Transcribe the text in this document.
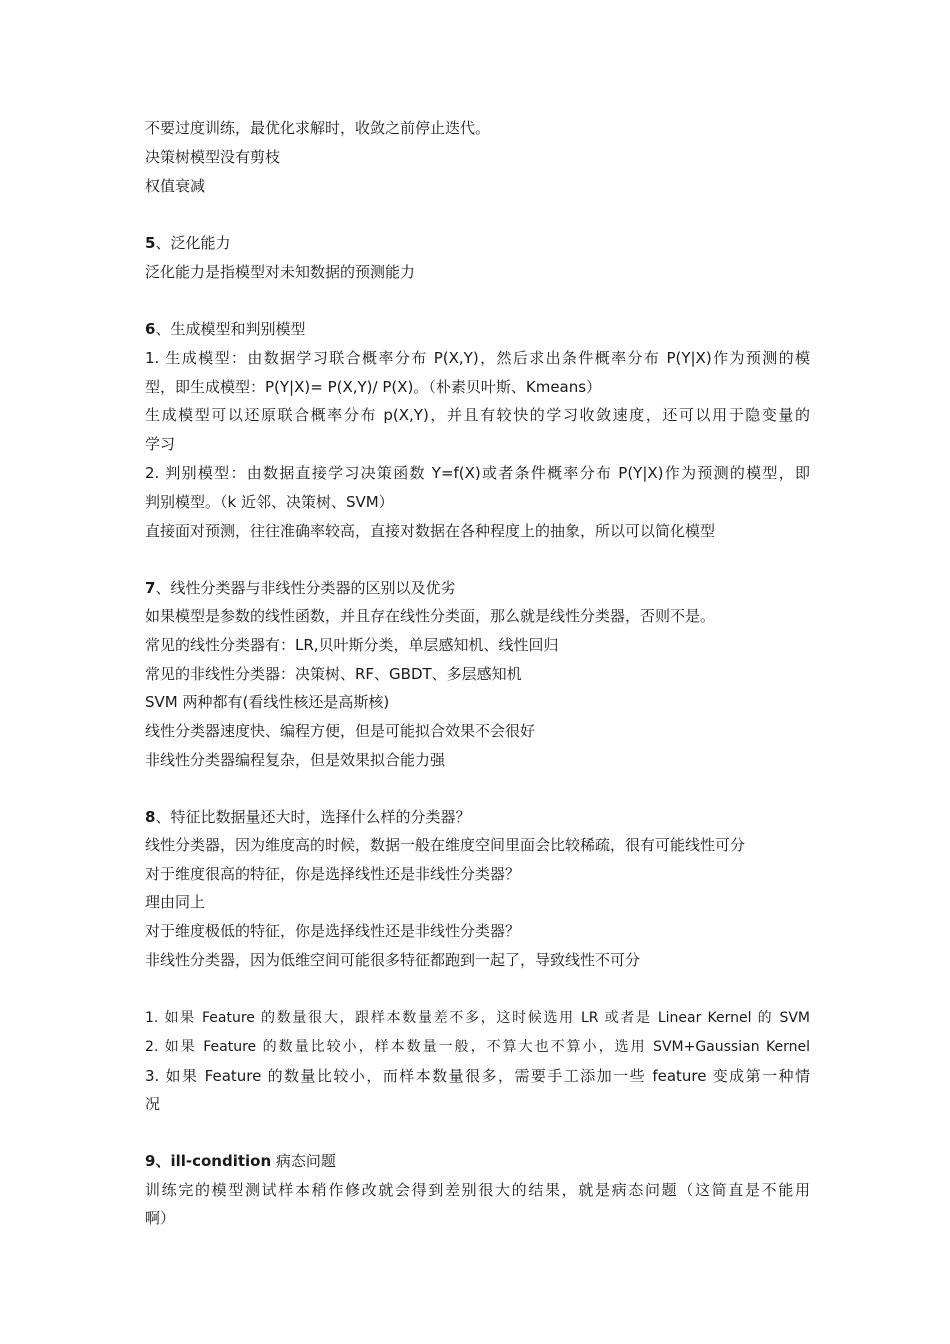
不要过度训练，最优化求解时，收敛之前停止迭代。
决策树模型没有剪枝
权值衰减
5、泛化能力
泛化能力是指模型对未知数据的预测能力
6、生成模型和判别模型
1. 生成模型：由数据学习联合概率分布 P(X,Y)，然后求出条件概率分布 P(Y|X)作为预测的模
型，即生成模型：P(Y|X)= P(X,Y)/ P(X)。（朴素贝叶斯、Kmeans）
生成模型可以还原联合概率分布 p(X,Y)，并且有较快的学习收敛速度，还可以用于隐变量的
学习
2. 判别模型：由数据直接学习决策函数 Y=f(X)或者条件概率分布 P(Y|X)作为预测的模型，即
判别模型。（k 近邻、决策树、SVM）
直接面对预测，往往准确率较高，直接对数据在各种程度上的抽象，所以可以简化模型
7、线性分类器与非线性分类器的区别以及优劣
如果模型是参数的线性函数，并且存在线性分类面，那么就是线性分类器，否则不是。
常见的线性分类器有：LR,贝叶斯分类，单层感知机、线性回归
常见的非线性分类器：决策树、RF、GBDT、多层感知机
SVM 两种都有(看线性核还是高斯核)
线性分类器速度快、编程方便，但是可能拟合效果不会很好
非线性分类器编程复杂，但是效果拟合能力强
8、特征比数据量还大时，选择什么样的分类器？
线性分类器，因为维度高的时候，数据一般在维度空间里面会比较稀疏，很有可能线性可分
对于维度很高的特征，你是选择线性还是非线性分类器？
理由同上
对于维度极低的特征，你是选择线性还是非线性分类器？
非线性分类器，因为低维空间可能很多特征都跑到一起了，导致线性不可分
1. 如果 Feature 的数量很大，跟样本数量差不多，这时候选用 LR 或者是 Linear Kernel 的 SVM
2. 如果 Feature 的数量比较小，样本数量一般，不算大也不算小，选用 SVM+Gaussian Kernel
3. 如果 Feature 的数量比较小，而样本数量很多，需要手工添加一些 feature 变成第一种情
况
9、ill-condition 病态问题
训练完的模型测试样本稍作修改就会得到差别很大的结果，就是病态问题（这简直是不能用
啊）
